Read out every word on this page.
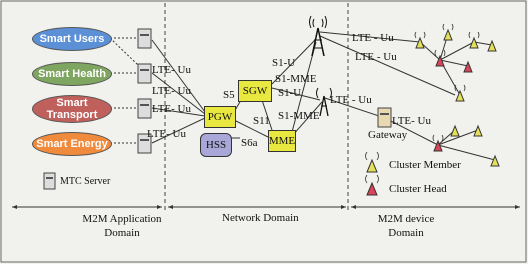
Smart Users
Smart Health
Smart Transport
Smart Energy
PGW
SGW
MME
HSS
LTE- Uu
LTE- Uu
LTE- Uu
LTE- Uu
S5
S11
S6a
S1-U
S1-MME
S1-U
S1-MME
LTE - Uu
LTE - Uu
LTE - Uu
LTE- Uu
MTC Server
Gateway
Cluster Member
Cluster Head
M2M Application Domain
Network Domain	M2M device Domain
